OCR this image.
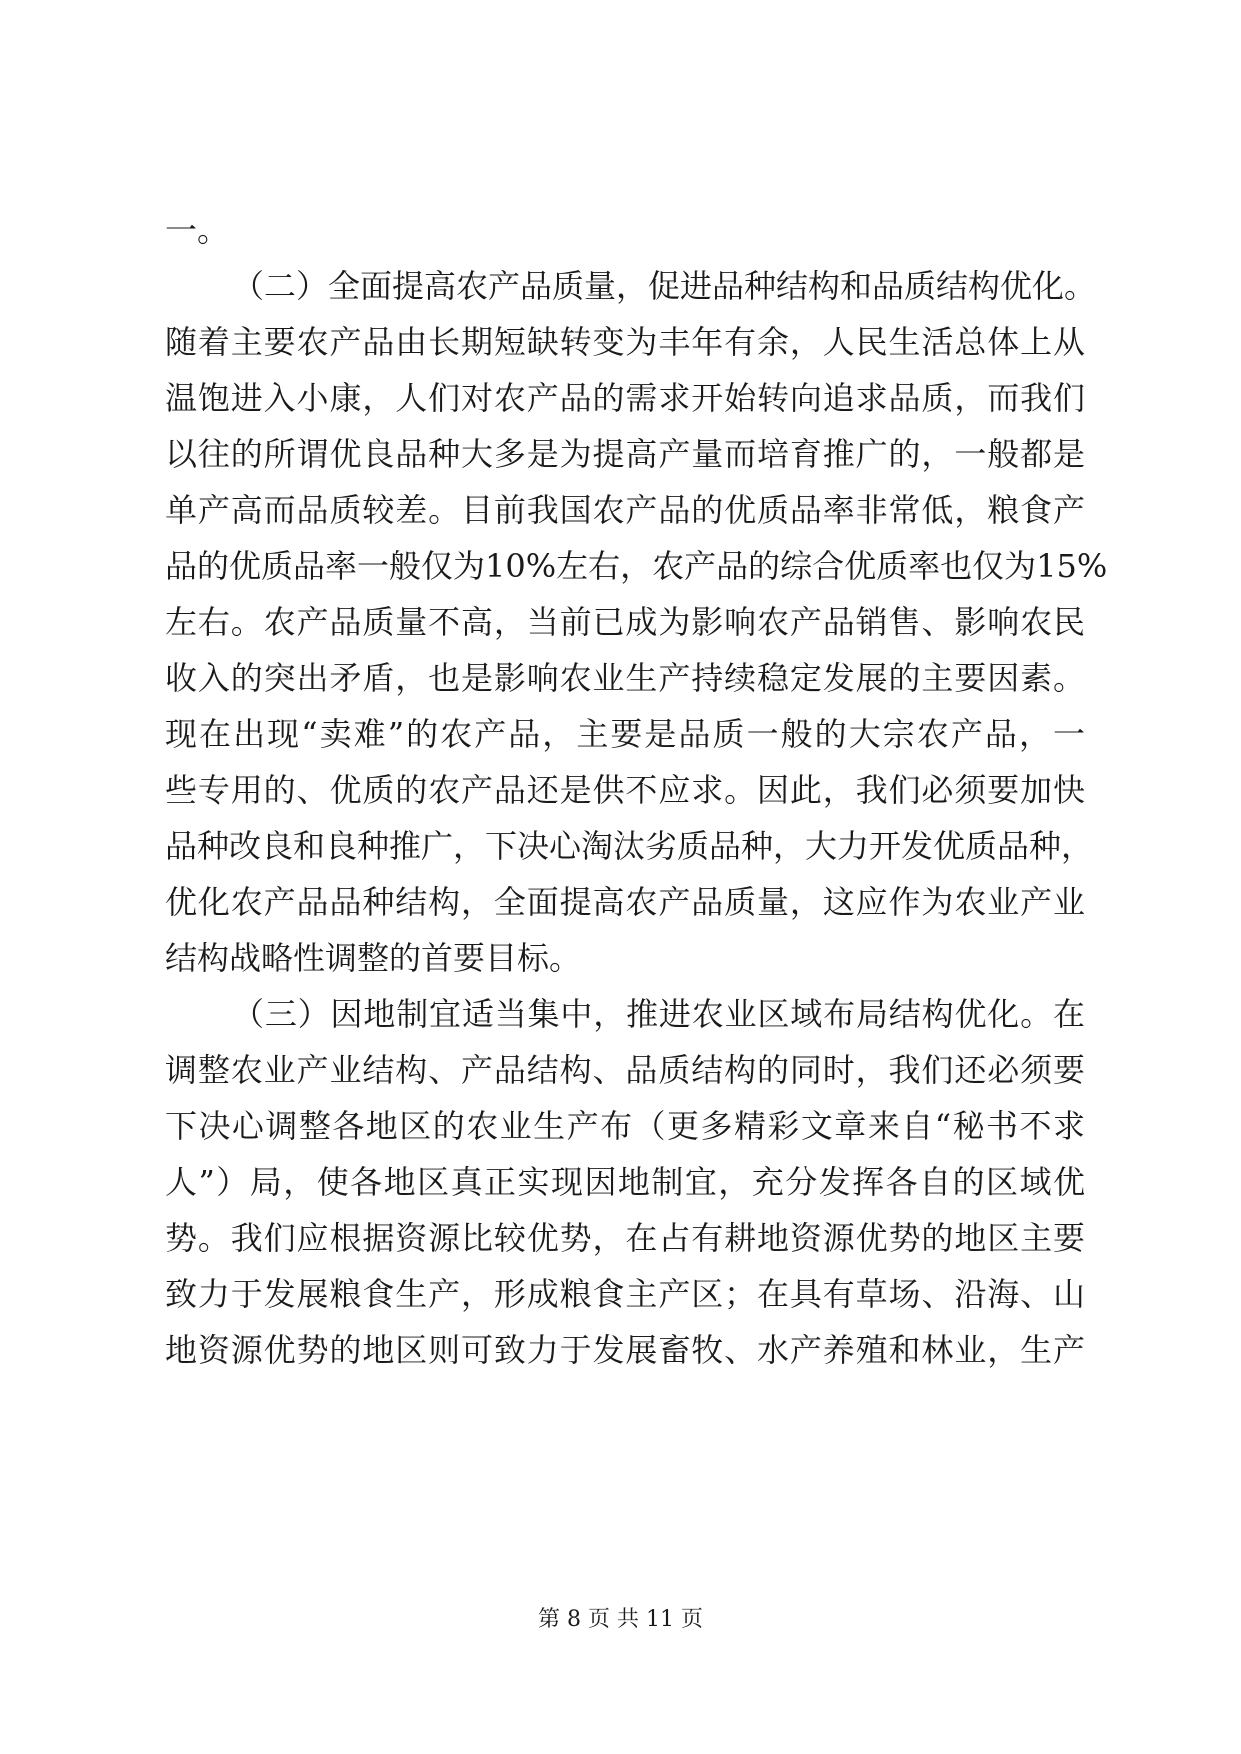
一。
（二）全面提高农产品质量，促进品种结构和品质结构优化。
随着主要农产品由长期短缺转变为丰年有余，人民生活总体上从
温饱进入小康，人们对农产品的需求开始转向追求品质，而我们
以往的所谓优良品种大多是为提高产量而培育推广的，一般都是
单产高而品质较差。目前我国农产品的优质品率非常低，粮食产
品的优质品率一般仅为10%左右，农产品的综合优质率也仅为15%
左右。农产品质量不高，当前已成为影响农产品销售、影响农民
收入的突出矛盾，也是影响农业生产持续稳定发展的主要因素。
现在出现“卖难”的农产品，主要是品质一般的大宗农产品，一
些专用的、优质的农产品还是供不应求。因此，我们必须要加快
品种改良和良种推广，下决心淘汰劣质品种，大力开发优质品种，
优化农产品品种结构，全面提高农产品质量，这应作为农业产业
结构战略性调整的首要目标。
（三）因地制宜适当集中，推进农业区域布局结构优化。在
调整农业产业结构、产品结构、品质结构的同时，我们还必须要
下决心调整各地区的农业生产布（更多精彩文章来自“秘书不求
人”）局，使各地区真正实现因地制宜，充分发挥各自的区域优
势。我们应根据资源比较优势，在占有耕地资源优势的地区主要
致力于发展粮食生产，形成粮食主产区；在具有草场、沿海、山
地资源优势的地区则可致力于发展畜牧、水产养殖和林业，生产
第 8 页 共 11 页
